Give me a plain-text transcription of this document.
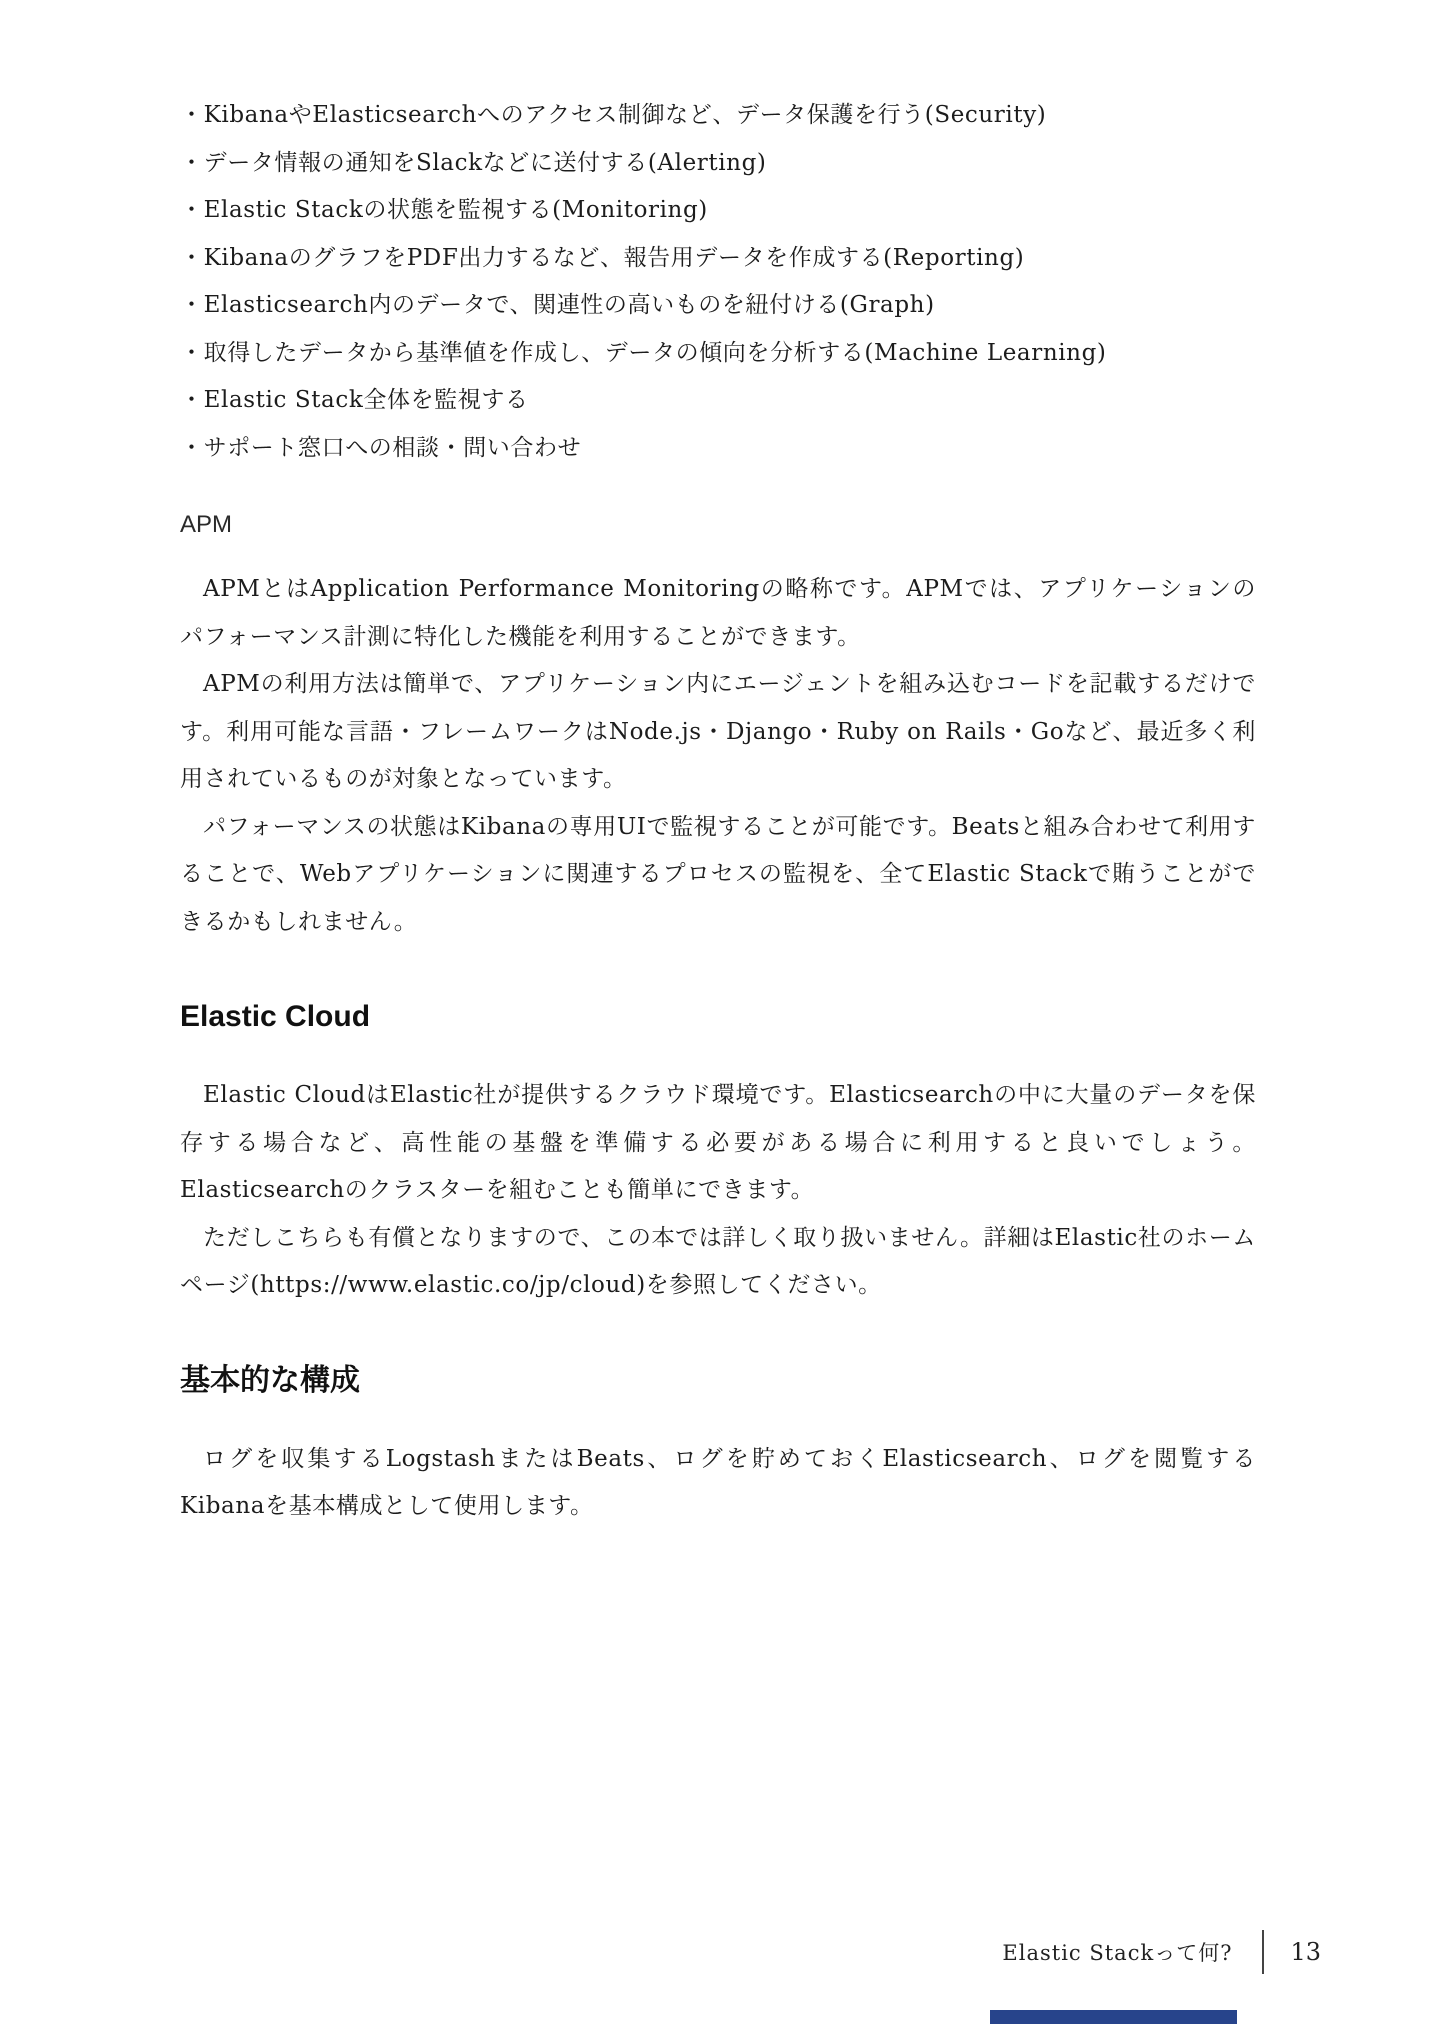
・KibanaやElasticsearchへのアクセス制御など、データ保護を行う(Security)
・データ情報の通知をSlackなどに送付する(Alerting)
・Elastic Stackの状態を監視する(Monitoring)
・KibanaのグラフをPDF出力するなど、報告用データを作成する(Reporting)
・Elasticsearch内のデータで、関連性の高いものを紐付ける(Graph)
・取得したデータから基準値を作成し、データの傾向を分析する(Machine Learning)
・Elastic Stack全体を監視する
・サポート窓口への相談・問い合わせ
APM

APMとはApplication Performance Monitoringの略称です。APMでは、アプリケーションのパフォーマンス計測に特化した機能を利用することができます。

APMの利用方法は簡単で、アプリケーション内にエージェントを組み込むコードを記載するだけです。利用可能な言語・フレームワークはNode.js・Django・Ruby on Rails・Goなど、最近多く利用されているものが対象となっています。

パフォーマンスの状態はKibanaの専用UIで監視することが可能です。Beatsと組み合わせて利用することで、Webアプリケーションに関連するプロセスの監視を、全てElastic Stackで賄うことができるかもしれません。

Elastic Cloud

Elastic CloudはElastic社が提供するクラウド環境です。Elasticsearchの中に大量のデータを保存する場合など、高性能の基盤を準備する必要がある場合に利用すると良いでしょう。Elasticsearchのクラスターを組むことも簡単にできます。

ただしこちらも有償となりますので、この本では詳しく取り扱いません。詳細はElastic社のホームページ(https://www.elastic.co/jp/cloud)を参照してください。

基本的な構成

ログを収集するLogstashまたはBeats、ログを貯めておくElasticsearch、ログを閲覧するKibanaを基本構成として使用します。

Elastic Stackって何? 13
